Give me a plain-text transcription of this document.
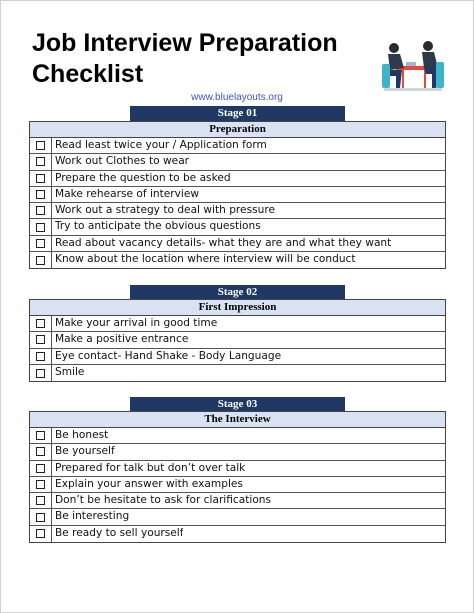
Job Interview Preparation
Checklist
www.bluelayouts.org
Stage 01
Preparation
Read least twice your / Application form
Work out Clothes to wear
Prepare the question to be asked
Make rehearse of interview
Work out a strategy to deal with pressure
Try to anticipate the obvious questions
Read about vacancy details- what they are and what they want
Know about the location where interview will be conduct
Stage 02
First Impression
Make your arrival in good time
Make a positive entrance
Eye contact- Hand Shake - Body Language
Smile
Stage 03
The Interview
Be honest
Be yourself
Prepared for talk but don’t over talk
Explain your answer with examples
Don’t be hesitate to ask for clarifications
Be interesting
Be ready to sell yourself
